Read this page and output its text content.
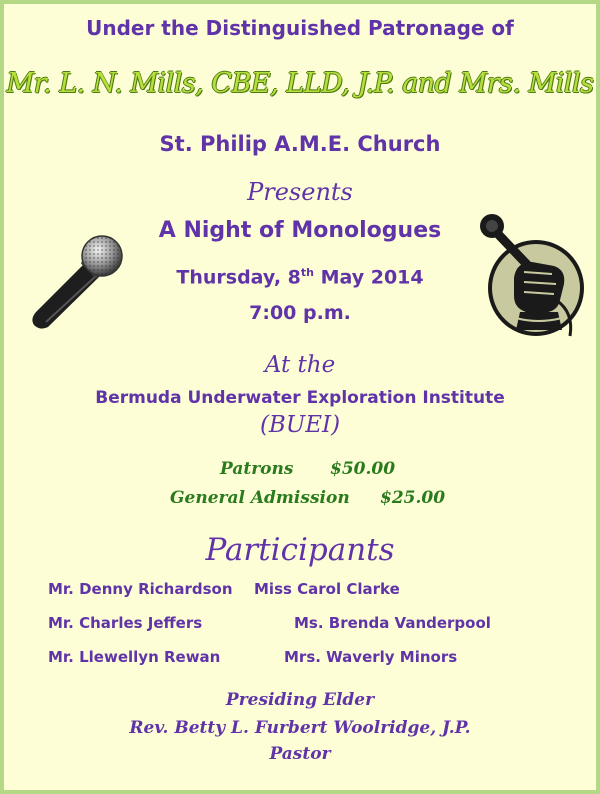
Under the Distinguished Patronage of
Mr. L. N. Mills, CBE, LLD, J.P. and Mrs. Mills
St. Philip A.M.E. Church
Presents
A Night of Monologues
Thursday, 8th May 2014
7:00 p.m.
At the
Bermuda Underwater Exploration Institute
(BUEI)
Patrons $50.00
General Admission $25.00
Participants
Mr. Denny Richardson Miss Carol Clarke
Mr. Charles Jeffers	Ms. Brenda Vanderpool
Mr. Llewellyn Rewan	Mrs. Waverly Minors
Presiding Elder
Rev. Betty L. Furbert Woolridge, J.P.
Pastor
